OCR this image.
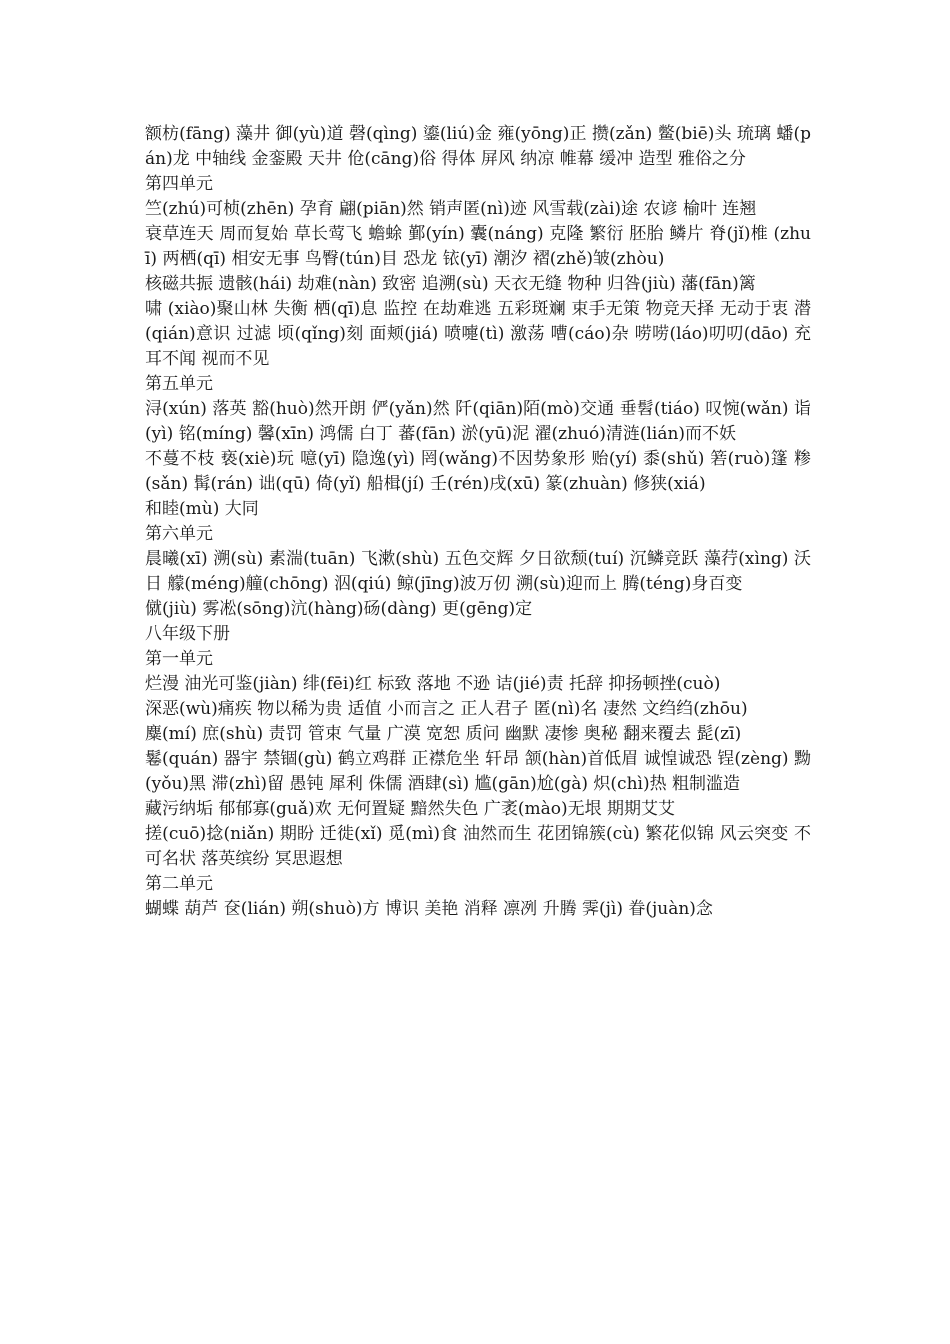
额枋(fāng) 藻井 御(yù)道 磬(qìng) 鎏(liú)金 雍(yōng)正 攒(zǎn) 鳖(biē)头 琉璃 蟠(pán)龙 中轴线 金銮殿 天井 伧(cāng)俗 得体 屏风 纳凉 帷幕 缓冲 造型 雅俗之分
第四单元
竺(zhú)可桢(zhēn) 孕育 翩(piān)然 销声匿(nì)迹 风雪载(zài)途 农谚 榆叶 连翘
衰草连天 周而复始 草长莺飞 蟾蜍 鄞(yín) 囊(náng) 克隆 繁衍 胚胎 鳞片 脊(jǐ)椎 (zhuī) 两栖(qī) 相安无事 鸟臀(tún)目 恐龙 铱(yī) 潮汐 褶(zhě)皱(zhòu)
核磁共振 遗骸(hái) 劫难(nàn) 致密 追溯(sù) 天衣无缝 物种 归咎(jiù) 藩(fān)篱
啸 (xiào)聚山林 失衡 栖(qī)息 监控 在劫难逃 五彩斑斓 束手无策 物竞天择 无动于衷 潜(qián)意识 过滤 顷(qǐng)刻 面颊(jiá) 喷嚏(tì) 激荡 嘈(cáo)杂 唠唠(láo)叨叨(dāo) 充耳不闻 视而不见
第五单元
浔(xún) 落英 豁(huò)然开朗 俨(yǎn)然 阡(qiān)陌(mò)交通 垂髫(tiáo) 叹惋(wǎn) 诣(yì) 铭(míng) 馨(xīn) 鸿儒 白丁 蕃(fān) 淤(yū)泥 濯(zhuó)清涟(lián)而不妖
不蔓不枝 亵(xiè)玩 噫(yī) 隐逸(yì) 罔(wǎng)不因势象形 贻(yí) 黍(shǔ) 箬(ruò)篷 糁(sǎn) 髯(rán) 诎(qū) 倚(yǐ) 船楫(jí) 壬(rén)戌(xū) 篆(zhuàn) 修狭(xiá)
和睦(mù) 大同
第六单元
晨曦(xī) 溯(sù) 素湍(tuān) 飞漱(shù) 五色交辉 夕日欲颓(tuí) 沉鳞竞跃 藻荇(xìng) 沃日 艨(méng)艟(chōng) 泅(qiú) 鲸(jīng)波万仞 溯(sù)迎而上 腾(téng)身百变
僦(jiù) 雾凇(sōng)沆(hàng)砀(dàng) 更(gēng)定
八年级下册
第一单元
烂漫 油光可鉴(jiàn) 绯(fēi)红 标致 落地 不逊 诘(jié)责 托辞 抑扬顿挫(cuò)
深恶(wù)痛疾 物以稀为贵 适值 小而言之 正人君子 匿(nì)名 凄然 文绉绉(zhōu)
麋(mí) 庶(shù) 责罚 管束 气量 广漠 宽恕 质问 幽默 凄惨 奥秘 翻来覆去 髭(zī)
鬈(quán) 器宇 禁锢(gù) 鹤立鸡群 正襟危坐 轩昂 颔(hàn)首低眉 诚惶诚恐 锃(zèng) 黝(yǒu)黑 滞(zhì)留 愚钝 犀利 侏儒 酒肆(sì) 尴(gān)尬(gà) 炽(chì)热 粗制滥造
藏污纳垢 郁郁寡(guǎ)欢 无何置疑 黯然失色 广袤(mào)无垠 期期艾艾
搓(cuō)捻(niǎn) 期盼 迁徙(xǐ) 觅(mì)食 油然而生 花团锦簇(cù) 繁花似锦 风云突变 不可名状 落英缤纷 冥思遐想
第二单元
蝴蝶 葫芦 奁(lián) 朔(shuò)方 博识 美艳 消释 凛冽 升腾 霁(jì) 眷(juàn)念
